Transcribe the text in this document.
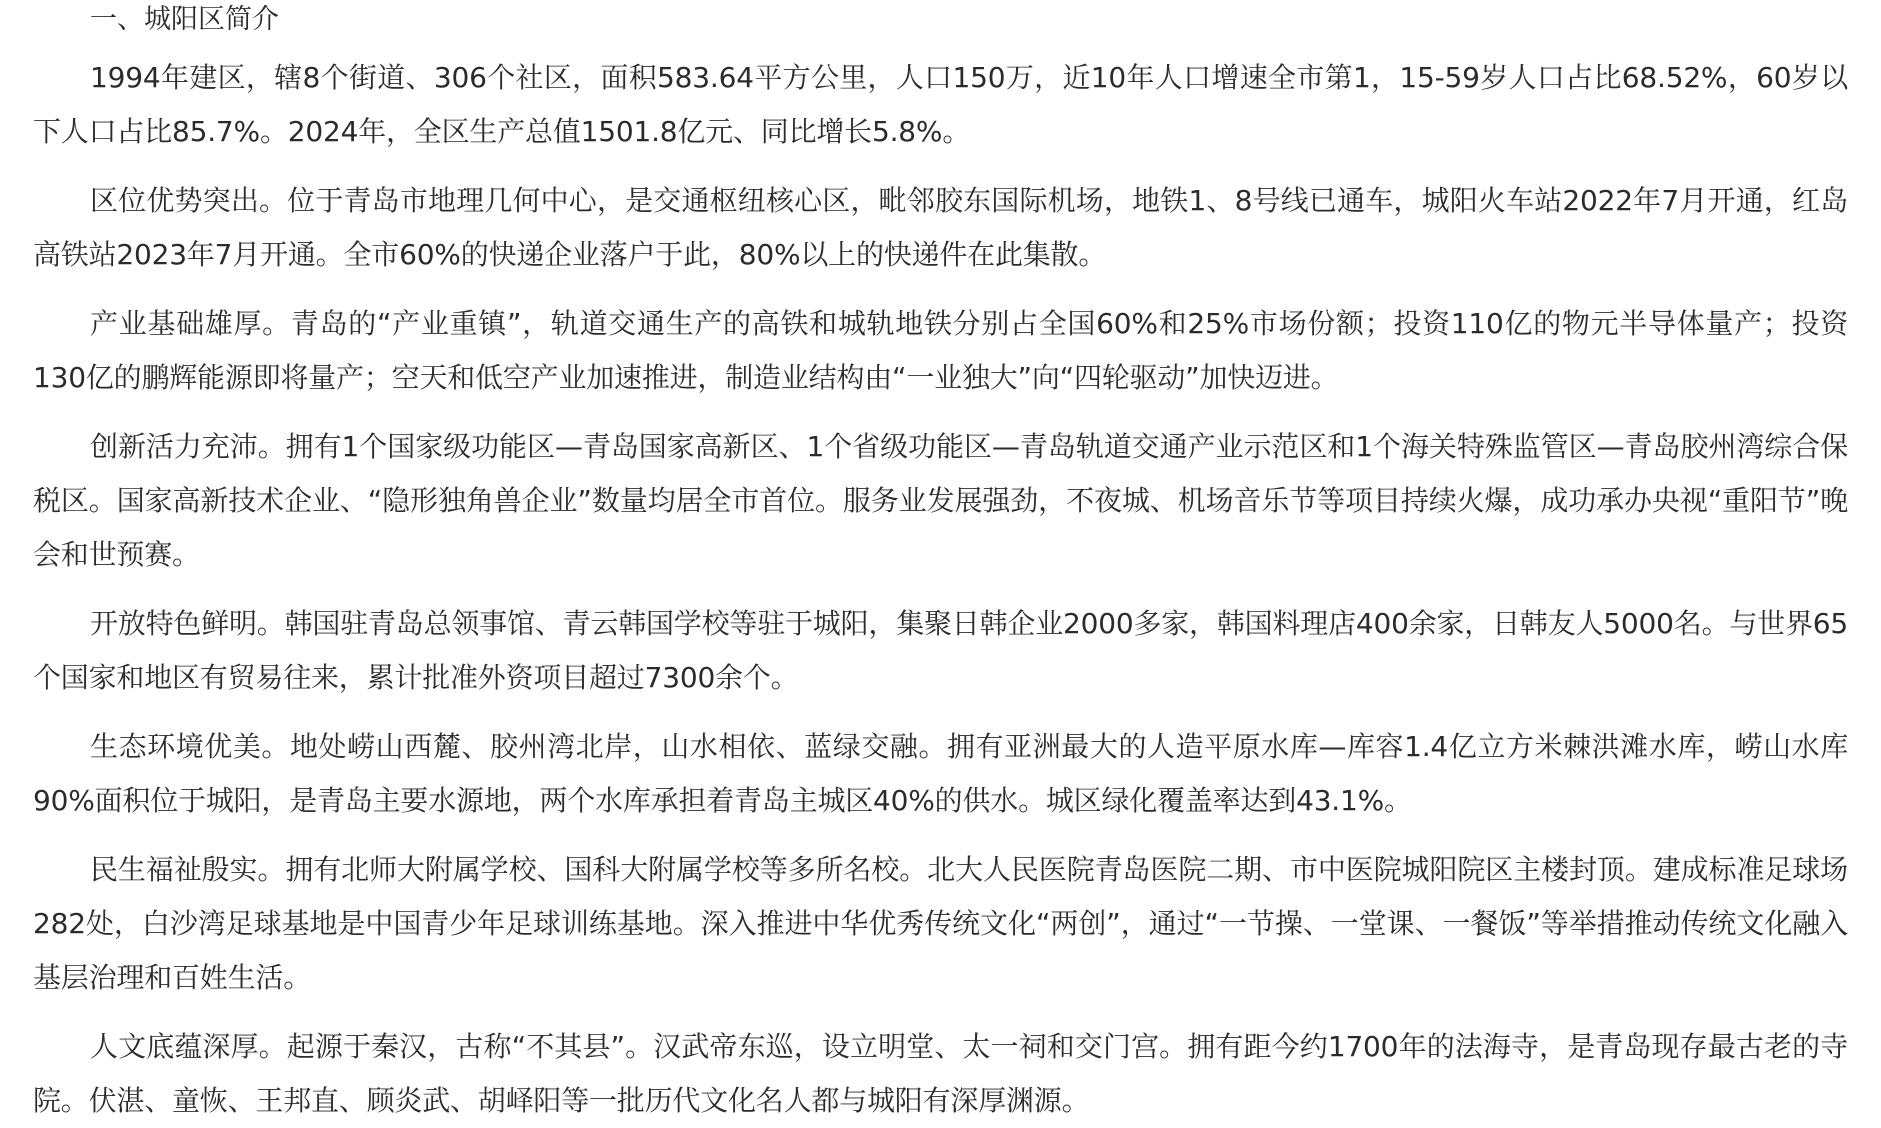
一、城阳区简介

1994年建区，辖8个街道、306个社区，面积583.64平方公里，人口150万，近10年人口增速全市第1，15-59岁人口占比68.52%，60岁以下人口占比85.7%。2024年，全区生产总值1501.8亿元、同比增长5.8%。

区位优势突出。位于青岛市地理几何中心，是交通枢纽核心区，毗邻胶东国际机场，地铁1、8号线已通车，城阳火车站2022年7月开通，红岛高铁站2023年7月开通。全市60%的快递企业落户于此，80%以上的快递件在此集散。

产业基础雄厚。青岛的“产业重镇”，轨道交通生产的高铁和城轨地铁分别占全国60%和25%市场份额；投资110亿的物元半导体量产；投资130亿的鹏辉能源即将量产；空天和低空产业加速推进，制造业结构由“一业独大”向“四轮驱动”加快迈进。

创新活力充沛。拥有1个国家级功能区—青岛国家高新区、1个省级功能区—青岛轨道交通产业示范区和1个海关特殊监管区—青岛胶州湾综合保税区。国家高新技术企业、“隐形独角兽企业”数量均居全市首位。服务业发展强劲，不夜城、机场音乐节等项目持续火爆，成功承办央视“重阳节”晚会和世预赛。

开放特色鲜明。韩国驻青岛总领事馆、青云韩国学校等驻于城阳，集聚日韩企业2000多家，韩国料理店400余家，日韩友人5000名。与世界65个国家和地区有贸易往来，累计批准外资项目超过7300余个。

生态环境优美。地处崂山西麓、胶州湾北岸，山水相依、蓝绿交融。拥有亚洲最大的人造平原水库—库容1.4亿立方米棘洪滩水库，崂山水库90%面积位于城阳，是青岛主要水源地，两个水库承担着青岛主城区40%的供水。城区绿化覆盖率达到43.1%。

民生福祉殷实。拥有北师大附属学校、国科大附属学校等多所名校。北大人民医院青岛医院二期、市中医院城阳院区主楼封顶。建成标准足球场282处，白沙湾足球基地是中国青少年足球训练基地。深入推进中华优秀传统文化“两创”，通过“一节操、一堂课、一餐饭”等举措推动传统文化融入基层治理和百姓生活。

人文底蕴深厚。起源于秦汉，古称“不其县”。汉武帝东巡，设立明堂、太一祠和交门宫。拥有距今约1700年的法海寺，是青岛现存最古老的寺院。伏湛、童恢、王邦直、顾炎武、胡峄阳等一批历代文化名人都与城阳有深厚渊源。
